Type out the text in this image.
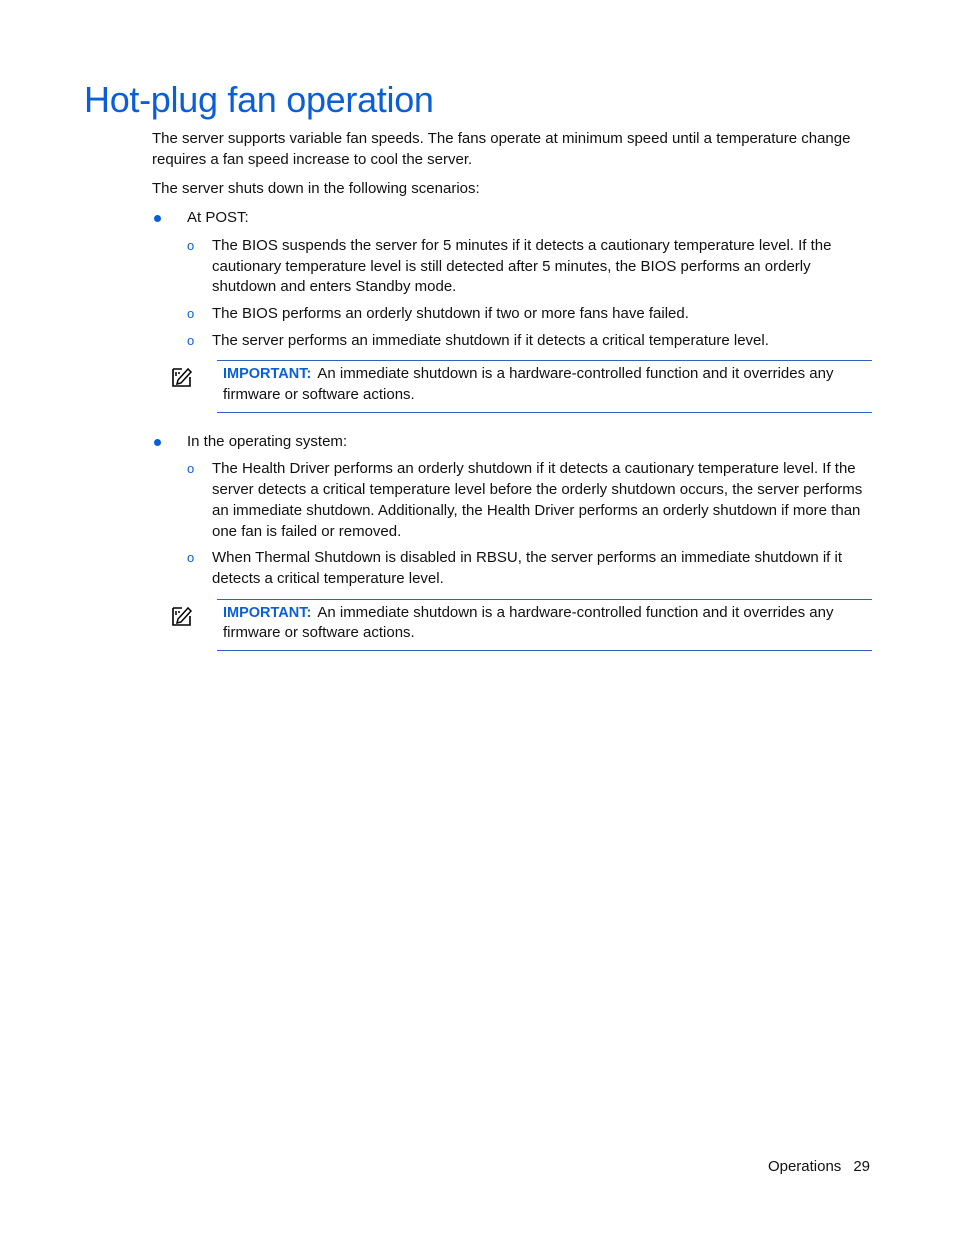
Hot-plug fan operation

The server supports variable fan speeds. The fans operate at minimum speed until a temperature change requires a fan speed increase to cool the server.

The server shuts down in the following scenarios:

At POST:
o The BIOS suspends the server for 5 minutes if it detects a cautionary temperature level. If the cautionary temperature level is still detected after 5 minutes, the BIOS performs an orderly shutdown and enters Standby mode.
o The BIOS performs an orderly shutdown if two or more fans have failed.
o The server performs an immediate shutdown if it detects a critical temperature level.
IMPORTANT: An immediate shutdown is a hardware-controlled function and it overrides any firmware or software actions.
In the operating system:
o The Health Driver performs an orderly shutdown if it detects a cautionary temperature level. If the server detects a critical temperature level before the orderly shutdown occurs, the server performs an immediate shutdown. Additionally, the Health Driver performs an orderly shutdown if more than one fan is failed or removed.
o When Thermal Shutdown is disabled in RBSU, the server performs an immediate shutdown if it detects a critical temperature level.
IMPORTANT: An immediate shutdown is a hardware-controlled function and it overrides any firmware or software actions.
Operations 29
